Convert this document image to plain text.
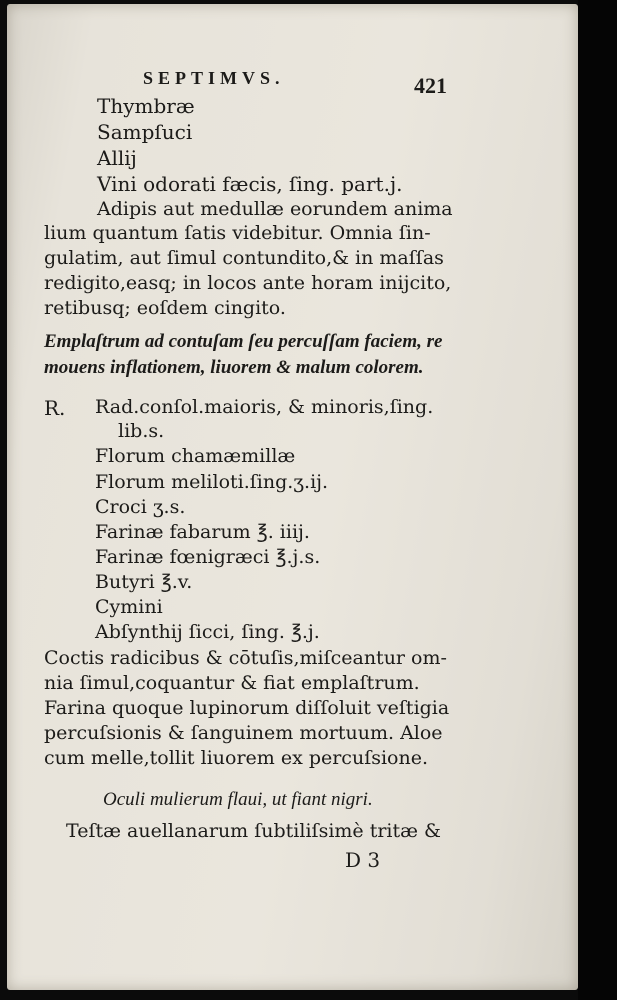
SEPTIMVS.	421
Thymbræ
Sampſuci
Allij
Vini odorati fæcis, ſing. part.j.
Adipis aut medullæ eorundem anima
lium quantum ſatis videbitur. Omnia ſin-
gulatim, aut ſimul contundito,& in maſſas
redigito,easq; in locos ante horam inijcito,
retibusq; eoſdem cingito.
Emplaſtrum ad contuſam ſeu percuſſam faciem, re
mouens inflationem, liuorem & malum colorem.
R. Rad.conſol.maioris, & minoris,ſing.
lib.s.
Florum chamæmillæ
Florum meliloti.ſing.ʒ.ij.
Croci ʒ.s.
Farinæ fabarum ℥. iiij.
Farinæ fœnigræci ℥.j.s.
Butyri ℥.v.
Cymini
Abſynthij ſicci, ſing. ℥.j.
Coctis radicibus & cōtuſis,miſceantur om-
nia ſimul,coquantur & fiat emplaſtrum.
Farina quoque lupinorum diſſoluit veſtigia
percuſsionis & ſanguinem mortuum. Aloe
cum melle,tollit liuorem ex percuſsione.
Oculi mulierum flaui, ut fiant nigri.
Teſtæ auellanarum ſubtiliſsimè tritæ &
D 3
